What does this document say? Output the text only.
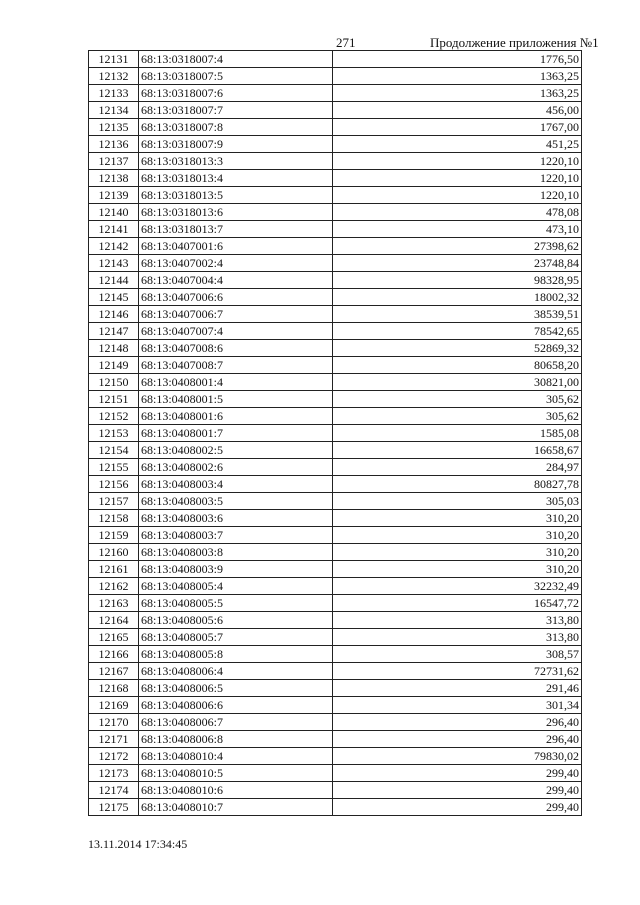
271	Продолжение приложения №1
12131	68:13:0318007:4	1776,50
12132	68:13:0318007:5	1363,25
12133	68:13:0318007:6	1363,25
12134	68:13:0318007:7	456,00
12135	68:13:0318007:8	1767,00
12136	68:13:0318007:9	451,25
12137	68:13:0318013:3	1220,10
12138	68:13:0318013:4	1220,10
12139	68:13:0318013:5	1220,10
12140	68:13:0318013:6	478,08
12141	68:13:0318013:7	473,10
12142	68:13:0407001:6	27398,62
12143	68:13:0407002:4	23748,84
12144	68:13:0407004:4	98328,95
12145	68:13:0407006:6	18002,32
12146	68:13:0407006:7	38539,51
12147	68:13:0407007:4	78542,65
12148	68:13:0407008:6	52869,32
12149	68:13:0407008:7	80658,20
12150	68:13:0408001:4	30821,00
12151	68:13:0408001:5	305,62
12152	68:13:0408001:6	305,62
12153	68:13:0408001:7	1585,08
12154	68:13:0408002:5	16658,67
12155	68:13:0408002:6	284,97
12156	68:13:0408003:4	80827,78
12157	68:13:0408003:5	305,03
12158	68:13:0408003:6	310,20
12159	68:13:0408003:7	310,20
12160	68:13:0408003:8	310,20
12161	68:13:0408003:9	310,20
12162	68:13:0408005:4	32232,49
12163	68:13:0408005:5	16547,72
12164	68:13:0408005:6	313,80
12165	68:13:0408005:7	313,80
12166	68:13:0408005:8	308,57
12167	68:13:0408006:4	72731,62
12168	68:13:0408006:5	291,46
12169	68:13:0408006:6	301,34
12170	68:13:0408006:7	296,40
12171	68:13:0408006:8	296,40
12172	68:13:0408010:4	79830,02
12173	68:13:0408010:5	299,40
12174	68:13:0408010:6	299,40
12175	68:13:0408010:7	299,40
13.11.2014 17:34:45
